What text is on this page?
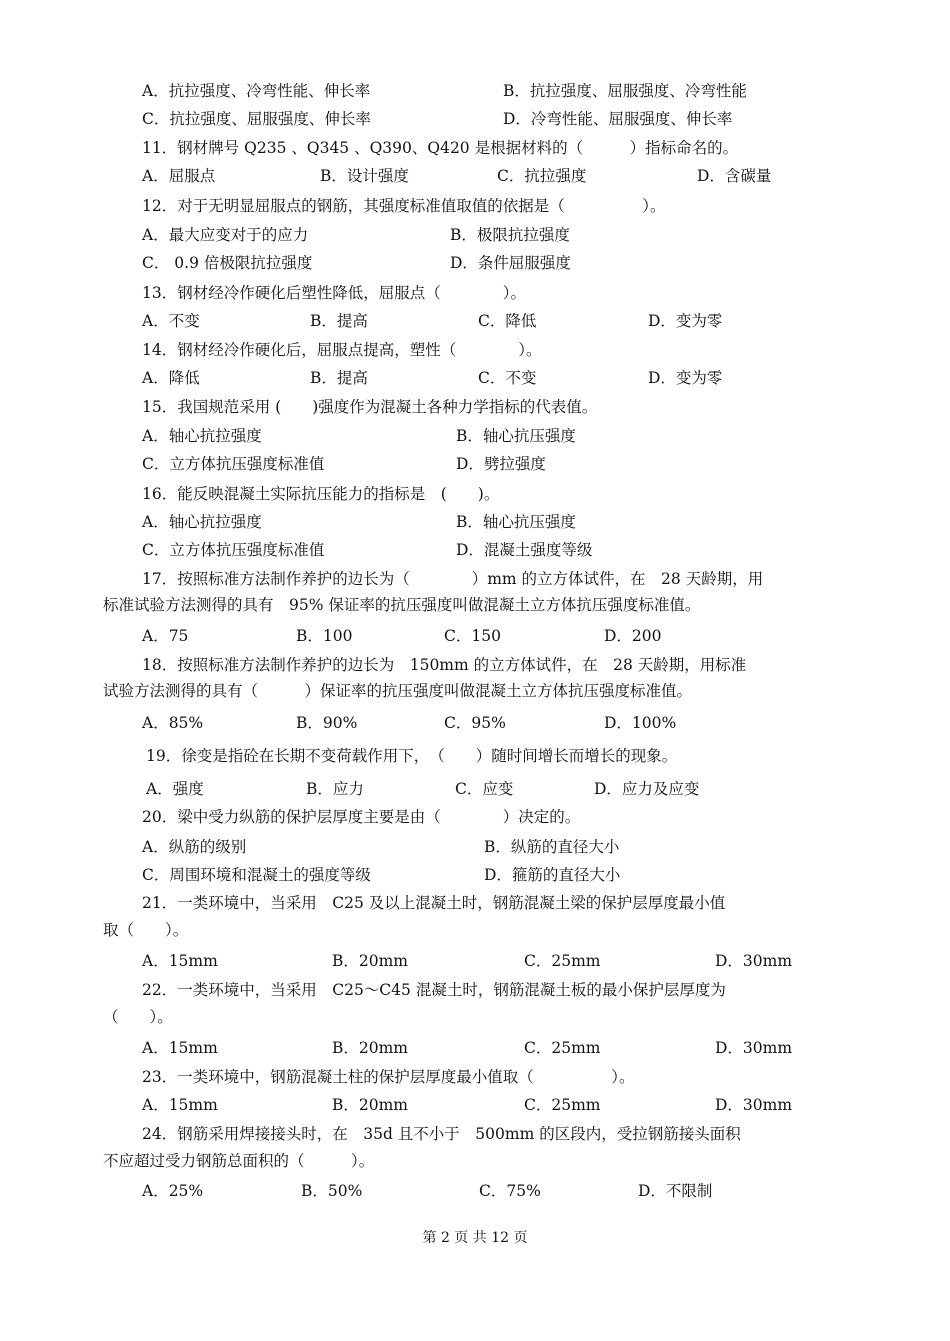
A．抗拉强度、冷弯性能、伸长率	B．抗拉强度、屈服强度、冷弯性能
C．抗拉强度、屈服强度、伸长率	D．冷弯性能、屈服强度、伸长率
11．钢材牌号 Q235 、Q345 、Q390、Q420 是根据材料的（　　　）指标命名的。
A．屈服点	B．设计强度	C．抗拉强度	D．含碳量
12．对于无明显屈服点的钢筋，其强度标准值取值的依据是（　　　　　）。
A．最大应变对于的应力	B．极限抗拉强度
C． 0.9 倍极限抗拉强度	D．条件屈服强度
13．钢材经冷作硬化后塑性降低，屈服点（　　　　）。
A．不变	B．提高	C．降低	D．变为零
14．钢材经冷作硬化后，屈服点提高，塑性（　　　　）。
A．降低	B．提高	C．不变	D．变为零
15．我国规范采用 (　　)强度作为混凝土各种力学指标的代表值。
A．轴心抗拉强度	B．轴心抗压强度
C．立方体抗压强度标准值	D．劈拉强度
16．能反映混凝土实际抗压能力的指标是　(　　)。
A．轴心抗拉强度	B．轴心抗压强度
C．立方体抗压强度标准值	D．混凝土强度等级
17．按照标准方法制作养护的边长为（　　　　）mm 的立方体试件，在　28 天龄期，用
标准试验方法测得的具有　95% 保证率的抗压强度叫做混凝土立方体抗压强度标准值。
A．75	B．100	C．150	D．200
18．按照标准方法制作养护的边长为　150mm 的立方体试件，在　28 天龄期，用标准
试验方法测得的具有（　　　）保证率的抗压强度叫做混凝土立方体抗压强度标准值。
A．85%	B．90%	C．95%	D．100%
19．徐变是指砼在长期不变荷载作用下，　（　　）随时间增长而增长的现象。
A．强度	B．应力	C．应变	D．应力及应变
20．梁中受力纵筋的保护层厚度主要是由（　　　　）决定的。
A．纵筋的级别	B．纵筋的直径大小
C．周围环境和混凝土的强度等级	D．箍筋的直径大小
21．一类环境中，当采用　C25 及以上混凝土时，钢筋混凝土梁的保护层厚度最小值
取（　　）。
A．15mm	B．20mm	C．25mm	D．30mm
22．一类环境中，当采用　C25～C45 混凝土时，钢筋混凝土板的最小保护层厚度为
（　　）。
A．15mm	B．20mm	C．25mm	D．30mm
23．一类环境中，钢筋混凝土柱的保护层厚度最小值取（　　　　　）。
A．15mm	B．20mm	C．25mm	D．30mm
24．钢筋采用焊接接头时，在　35d 且不小于　500mm 的区段内，受拉钢筋接头面积
不应超过受力钢筋总面积的（　　　）。
A．25%	B．50%	C．75%	D．不限制
第 2 页 共 12 页
